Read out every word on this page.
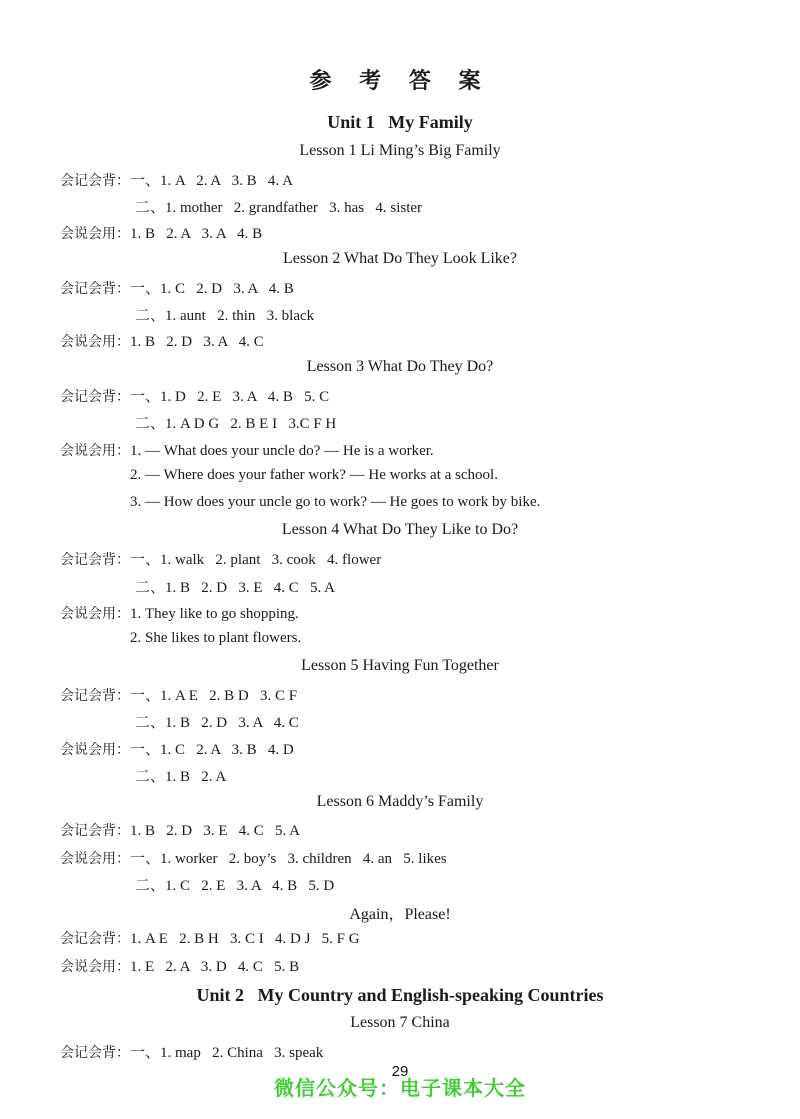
参 考 答 案
Unit 1   My Family
Lesson 1 Li Ming’s Big Family
会记会背：一、1. A   2. A   3. B   4. A
二、1. mother   2. grandfather   3. has   4. sister
会说会用：1. B   2. A   3. A   4. B
Lesson 2 What Do They Look Like?
会记会背：一、1. C   2. D   3. A   4. B
二、1. aunt   2. thin   3. black
会说会用：1. B   2. D   3. A   4. C
Lesson 3 What Do They Do?
会记会背：一、1. D   2. E   3. A   4. B   5. C
二、1. A D G   2. B E I   3.C F H
会说会用：1. — What does your uncle do? — He is a worker.
2. — Where does your father work? — He works at a school.
3. — How does your uncle go to work? — He goes to work by bike.
Lesson 4 What Do They Like to Do?
会记会背：一、1. walk   2. plant   3. cook   4. flower
二、1. B   2. D   3. E   4. C   5. A
会说会用：1. They like to go shopping.
2. She likes to plant flowers.
Lesson 5 Having Fun Together
会记会背：一、1. A E   2. B D   3. C F
二、1. B   2. D   3. A   4. C
会说会用：一、1. C   2. A   3. B   4. D
二、1. B   2. A
Lesson 6 Maddy’s Family
会记会背：1. B   2. D   3. E   4. C   5. A
会说会用：一、1. worker   2. boy’s   3. children   4. an   5. likes
二、1. C   2. E   3. A   4. B   5. D
Again，Please!
会记会背：1. A E   2. B H   3. C I   4. D J   5. F G
会说会用：1. E   2. A   3. D   4. C   5. B
Unit 2   My Country and English-speaking Countries
Lesson 7 China
会记会背：一、1. map   2. China   3. speak
29
微信公众号：电子课本大全
